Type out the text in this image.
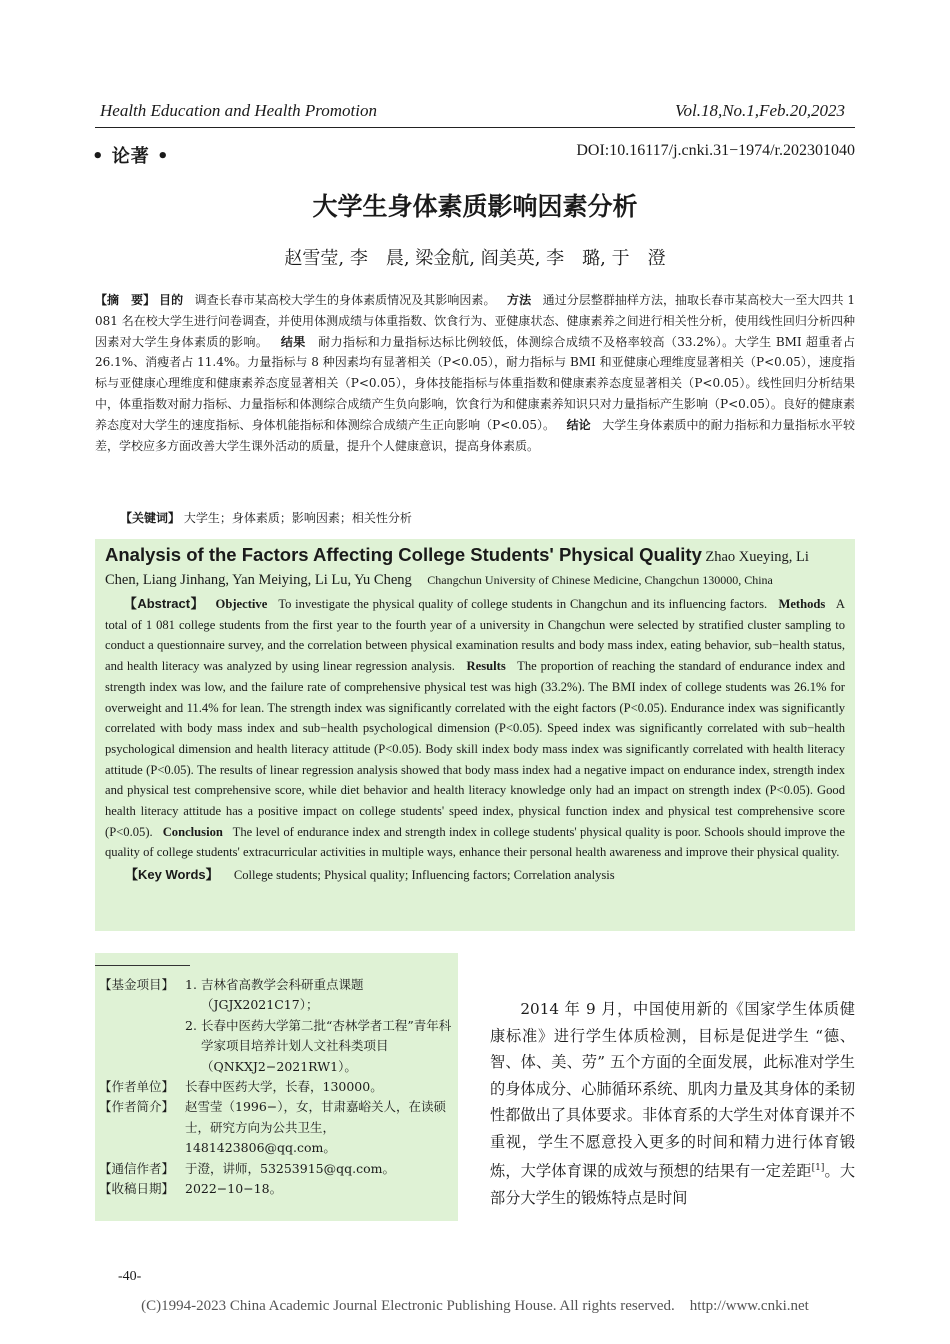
Health Education and Health Promotion	Vol.18,No.1,Feb.20,2023
• 论著 •	DOI:10.16117/j.cnki.31−1974/r.202301040
大学生身体素质影响因素分析
赵雪莹, 李　晨, 梁金航, 阎美英, 李　璐, 于　澄
【摘　要】 目的 调查长春市某高校大学生的身体素质情况及其影响因素。 方法 通过分层整群抽样方法，抽取长春市某高校大一至大四共 1 081 名在校大学生进行问卷调查，并使用体测成绩与体重指数、饮食行为、亚健康状态、健康素养之间进行相关性分析，使用线性回归分析四种因素对大学生身体素质的影响。 结果 耐力指标和力量指标达标比例较低，体测综合成绩不及格率较高（33.2%）。大学生 BMI 超重者占 26.1%、消瘦者占 11.4%。力量指标与 8 种因素均有显著相关（P<0.05），耐力指标与 BMI 和亚健康心理维度显著相关（P<0.05），速度指标与亚健康心理维度和健康素养态度显著相关（P<0.05），身体技能指标与体重指数和健康素养态度显著相关（P<0.05）。线性回归分析结果中，体重指数对耐力指标、力量指标和体测综合成绩产生负向影响，饮食行为和健康素养知识只对力量指标产生影响（P<0.05）。良好的健康素养态度对大学生的速度指标、身体机能指标和体测综合成绩产生正向影响（P<0.05）。 结论 大学生身体素质中的耐力指标和力量指标水平较差，学校应多方面改善大学生课外活动的质量，提升个人健康意识，提高身体素质。
【关键词】 大学生；身体素质；影响因素；相关性分析
Analysis of the Factors Affecting College Students' Physical Quality Zhao Xueying, Li Chen, Liang Jinhang, Yan Meiying, Li Lu, Yu Cheng Changchun University of Chinese Medicine, Changchun 130000, China
【Abstract】 Objective To investigate the physical quality of college students in Changchun and its influencing factors. Methods A total of 1 081 college students from the first year to the fourth year of a university in Changchun were selected by stratified cluster sampling to conduct a questionnaire survey, and the correlation between physical examination results and body mass index, eating behavior, sub−health status, and health literacy was analyzed by using linear regression analysis. Results The proportion of reaching the standard of endurance index and strength index was low, and the failure rate of comprehensive physical test was high (33.2%). The BMI index of college students was 26.1% for overweight and 11.4% for lean. The strength index was significantly correlated with the eight factors (P<0.05). Endurance index was significantly correlated with body mass index and sub−health psychological dimension (P<0.05). Speed index was significantly correlated with sub−health psychological dimension and health literacy attitude (P<0.05). Body skill index body mass index was significantly correlated with health literacy attitude (P<0.05). The results of linear regression analysis showed that body mass index had a negative impact on endurance index, strength index and physical test comprehensive score, while diet behavior and health literacy knowledge only had an impact on strength index (P<0.05). Good health literacy attitude has a positive impact on college students' speed index, physical function index and physical test comprehensive score (P<0.05). Conclusion The level of endurance index and strength index in college students' physical quality is poor. Schools should improve the quality of college students' extracurricular activities in multiple ways, enhance their personal health awareness and improve their physical quality.
【Key Words】 College students; Physical quality; Influencing factors; Correlation analysis
【基金项目】 1. 吉林省高教学会科研重点课题（JGJX2021C17）；
2. 长春中医药大学第二批“杏林学者工程”青年科学家项目培养计划人文社科类项目（QNKXJ2−2021RW1）。
【作者单位】 长春中医药大学，长春，130000。
【作者简介】 赵雪莹（1996−），女，甘肃嘉峪关人，在读硕士，研究方向为公共卫生，1481423806@qq.com。
【通信作者】 于澄，讲师，53253915@qq.com。
【收稿日期】 2022−10−18。
2014 年 9 月，中国使用新的《国家学生体质健康标准》进行学生体质检测，目标是促进学生 “德、智、体、美、劳” 五个方面的全面发展，此标准对学生的身体成分、心肺循环系统、肌肉力量及其身体的柔韧性都做出了具体要求。非体育系的大学生对体育课并不重视，学生不愿意投入更多的时间和精力进行体育锻炼，大学体育课的成效与预想的结果有一定差距[1]。大部分大学生的锻炼特点是时间
-40-
(C)1994-2023 China Academic Journal Electronic Publishing House. All rights reserved.    http://www.cnki.net
